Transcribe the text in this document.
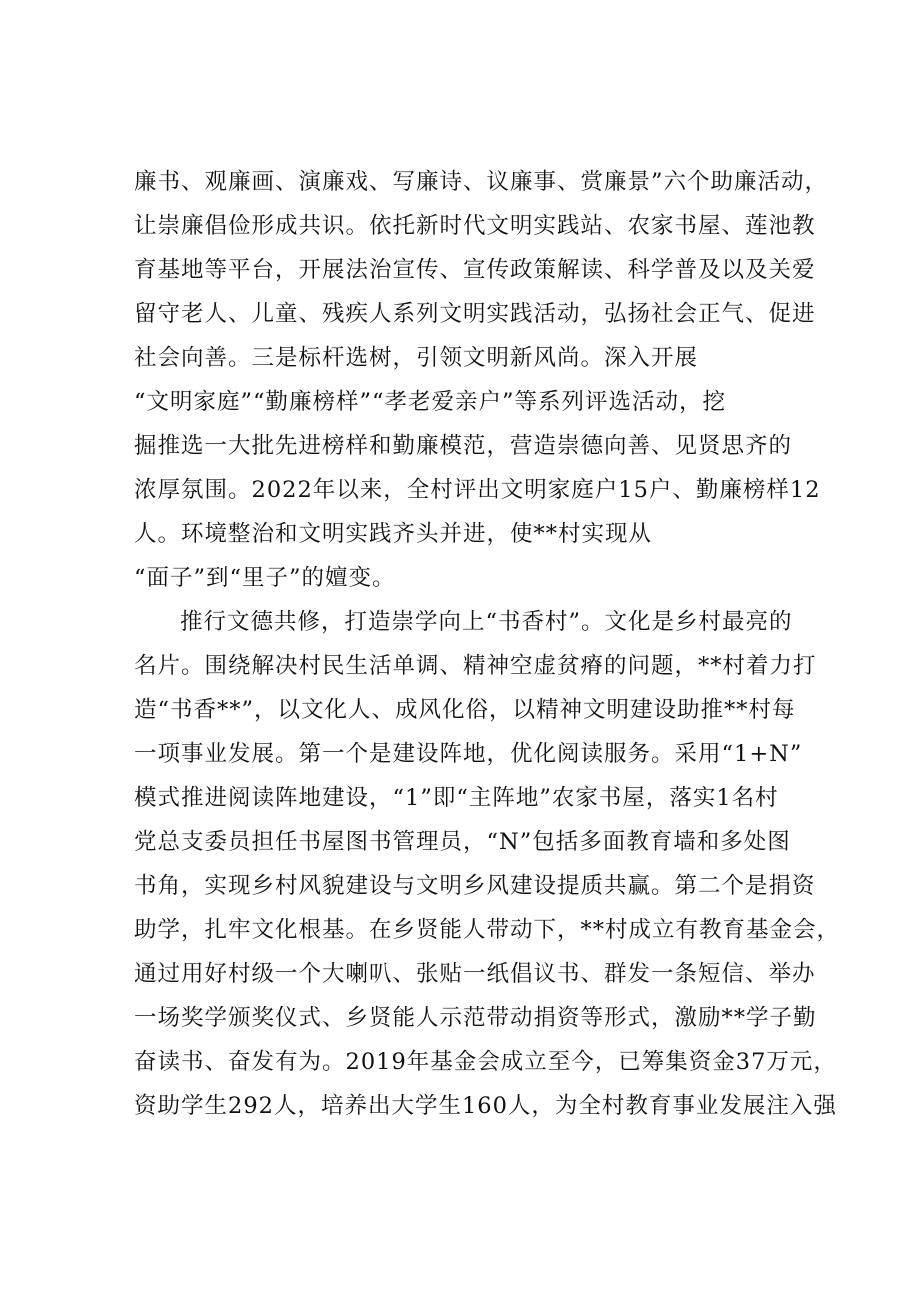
廉书、观廉画、演廉戏、写廉诗、议廉事、赏廉景”六个助廉活动，
让崇廉倡俭形成共识。依托新时代文明实践站、农家书屋、莲池教
育基地等平台，开展法治宣传、宣传政策解读、科学普及以及关爱
留守老人、儿童、残疾人系列文明实践活动，弘扬社会正气、促进
社会向善。三是标杆选树，引领文明新风尚。深入开展
“文明家庭”“勤廉榜样”“孝老爱亲户”等系列评选活动，挖
掘推选一大批先进榜样和勤廉模范，营造崇德向善、见贤思齐的
浓厚氛围。2022年以来，全村评出文明家庭户15户、勤廉榜样12
人。环境整治和文明实践齐头并进，使**村实现从
“面子”到“里子”的嬗变。
推行文德共修，打造崇学向上“书香村”。文化是乡村最亮的
名片。围绕解决村民生活单调、精神空虚贫瘠的问题，**村着力打
造“书香**”，以文化人、成风化俗，以精神文明建设助推**村每
一项事业发展。第一个是建设阵地，优化阅读服务。采用“1+N”
模式推进阅读阵地建设，“1”即“主阵地”农家书屋，落实1名村
党总支委员担任书屋图书管理员，“N”包括多面教育墙和多处图
书角，实现乡村风貌建设与文明乡风建设提质共赢。第二个是捐资
助学，扎牢文化根基。在乡贤能人带动下，**村成立有教育基金会，
通过用好村级一个大喇叭、张贴一纸倡议书、群发一条短信、举办
一场奖学颁奖仪式、乡贤能人示范带动捐资等形式，激励**学子勤
奋读书、奋发有为。2019年基金会成立至今，已筹集资金37万元，
资助学生292人，培养出大学生160人，为全村教育事业发展注入强
